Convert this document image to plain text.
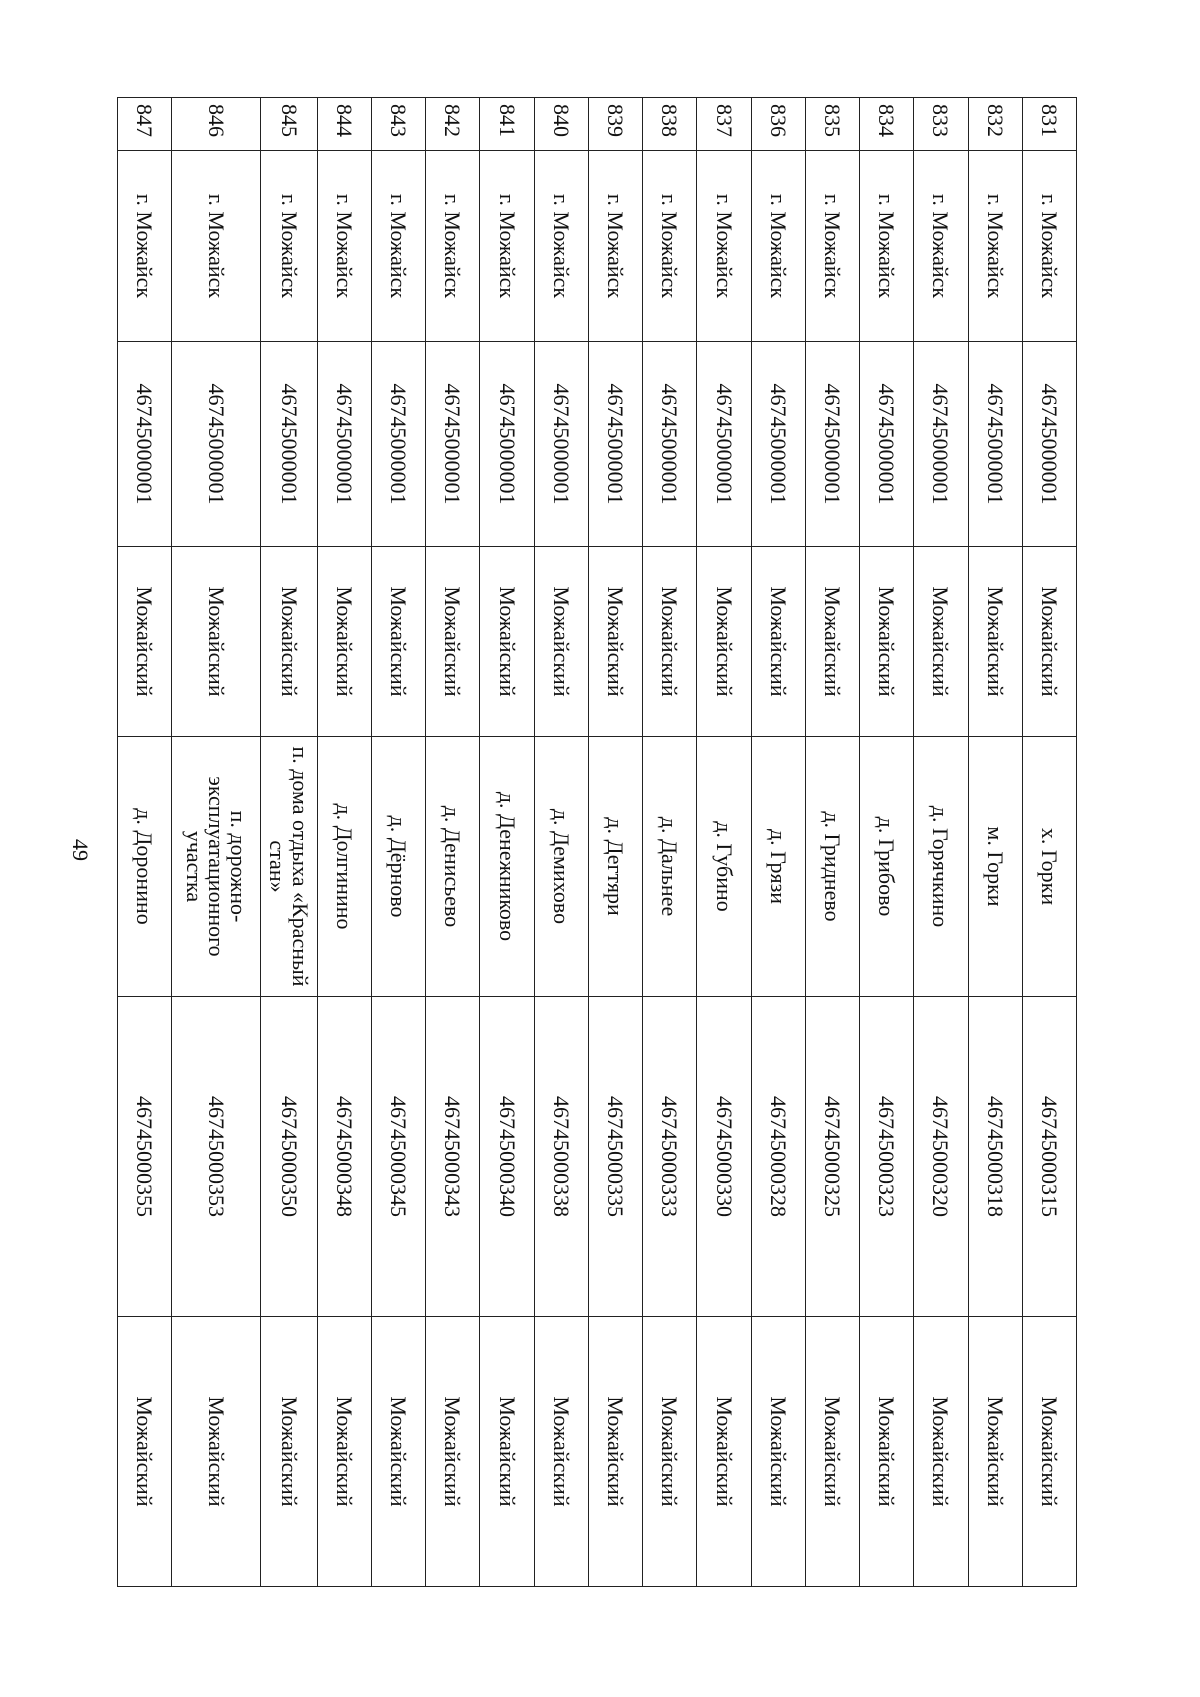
49
831	г. Можайск	46745000001	Можайский	х. Горки	46745000315	Можайский
832	г. Можайск	46745000001	Можайский	м. Горки	46745000318	Можайский
833	г. Можайск	46745000001	Можайский	д. Горячкино	46745000320	Можайский
834	г. Можайск	46745000001	Можайский	д. Грибово	46745000323	Можайский
835	г. Можайск	46745000001	Можайский	д. Гриднево	46745000325	Можайский
836	г. Можайск	46745000001	Можайский	д. Грязи	46745000328	Можайский
837	г. Можайск	46745000001	Можайский	д. Губино	46745000330	Можайский
838	г. Можайск	46745000001	Можайский	д. Дальнее	46745000333	Можайский
839	г. Можайск	46745000001	Можайский	д. Дегтяри	46745000335	Можайский
840	г. Можайск	46745000001	Можайский	д. Демихово	46745000338	Можайский
841	г. Можайск	46745000001	Можайский	д. Денежниково	46745000340	Можайский
842	г. Можайск	46745000001	Можайский	д. Денисьево	46745000343	Можайский
843	г. Можайск	46745000001	Можайский	д. Дёрново	46745000345	Можайский
844	г. Можайск	46745000001	Можайский	д. Долгинино	46745000348	Можайский
845	г. Можайск	46745000001	Можайский	п. дома отдыха «Красный стан»	46745000350	Можайский
846	г. Можайск	46745000001	Можайский	п. дорожно-эксплуатационного участка	46745000353	Можайский
847	г. Можайск	46745000001	Можайский	д. Доронино	46745000355	Можайский
